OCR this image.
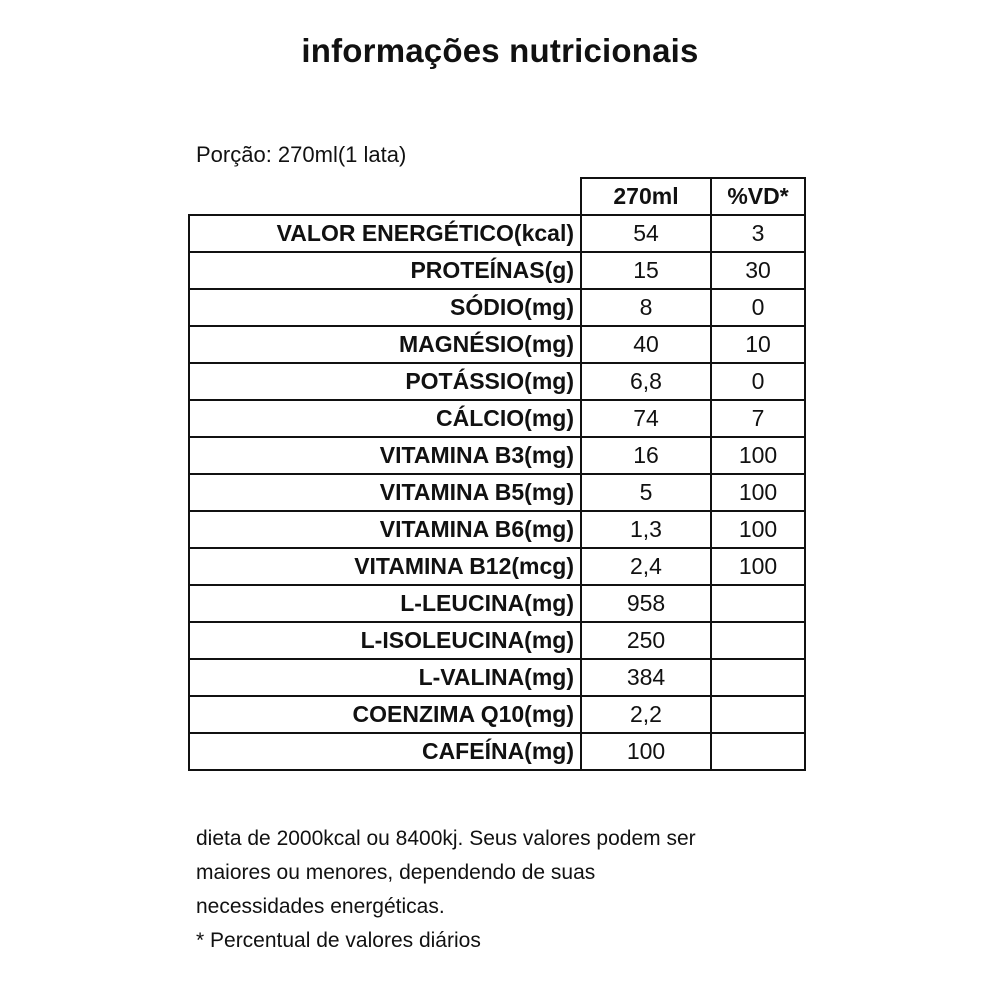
informações nutricionais
Porção: 270ml(1 lata)
	270ml	%VD*
VALOR ENERGÉTICO(kcal)	54	3
PROTEÍNAS(g)	15	30
SÓDIO(mg)	8	0
MAGNÉSIO(mg)	40	10
POTÁSSIO(mg)	6,8	0
CÁLCIO(mg)	74	7
VITAMINA B3(mg)	16	100
VITAMINA B5(mg)	5	100
VITAMINA B6(mg)	1,3	100
VITAMINA B12(mcg)	2,4	100
L-LEUCINA(mg)	958	
L-ISOLEUCINA(mg)	250	
L-VALINA(mg)	384	
COENZIMA Q10(mg)	2,2	
CAFEÍNA(mg)	100	

dieta de 2000kcal ou 8400kj. Seus valores podem ser

maiores ou menores, dependendo de suas

necessidades energéticas.

* Percentual de valores diários
